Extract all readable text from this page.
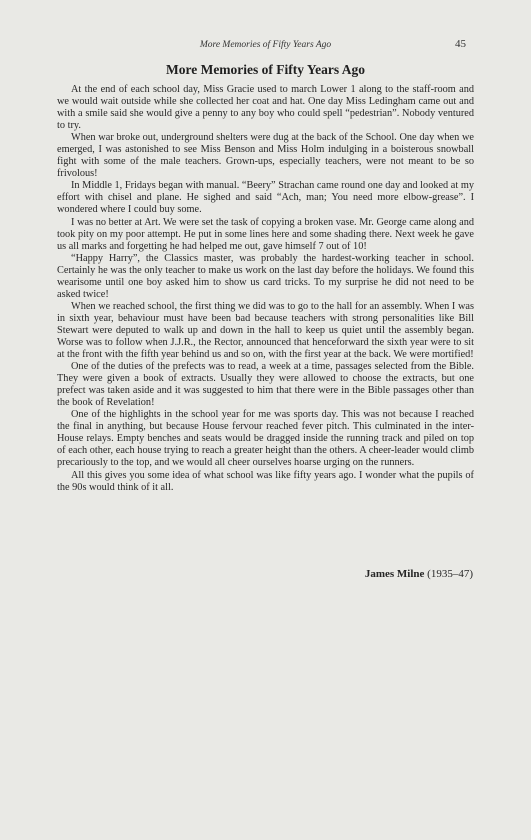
More Memories of Fifty Years Ago	45
More Memories of Fifty Years Ago

At the end of each school day, Miss Gracie used to march Lower 1 along to the staff-room and we would wait outside while she collected her coat and hat. One day Miss Ledingham came out and with a smile said she would give a penny to any boy who could spell “pedestrian”. Nobody ventured to try.

When war broke out, underground shelters were dug at the back of the School. One day when we emerged, I was astonished to see Miss Benson and Miss Holm indulging in a boisterous snowball fight with some of the male teachers. Grown-ups, especially teachers, were not meant to be so frivolous!

In Middle 1, Fridays began with manual. “Beery” Strachan came round one day and looked at my effort with chisel and plane. He sighed and said “Ach, man; You need more elbow-grease”. I wondered where I could buy some.

I was no better at Art. We were set the task of copying a broken vase. Mr. George came along and took pity on my poor attempt. He put in some lines here and some shading there. Next week he gave us all marks and forgetting he had helped me out, gave himself 7 out of 10!

“Happy Harry”, the Classics master, was probably the hardest-working teacher in school. Certainly he was the only teacher to make us work on the last day before the holidays. We found this wearisome until one boy asked him to show us card tricks. To my surprise he did not need to be asked twice!

When we reached school, the first thing we did was to go to the hall for an assembly. When I was in sixth year, behaviour must have been bad because teachers with strong personalities like Bill Stewart were deputed to walk up and down in the hall to keep us quiet until the assembly began. Worse was to follow when J.J.R., the Rector, announced that henceforward the sixth year were to sit at the front with the fifth year behind us and so on, with the first year at the back. We were mortified!

One of the duties of the prefects was to read, a week at a time, passages selected from the Bible. They were given a book of extracts. Usually they were allowed to choose the extracts, but one prefect was taken aside and it was suggested to him that there were in the Bible passages other than the book of Revelation!

One of the highlights in the school year for me was sports day. This was not because I reached the final in anything, but because House fervour reached fever pitch. This culminated in the inter-House relays. Empty benches and seats would be dragged inside the running track and piled on top of each other, each house trying to reach a greater height than the others. A cheer-leader would climb precariously to the top, and we would all cheer ourselves hoarse urging on the runners.

All this gives you some idea of what school was like fifty years ago. I wonder what the pupils of the 90s would think of it all.

James Milne (1935–47)
